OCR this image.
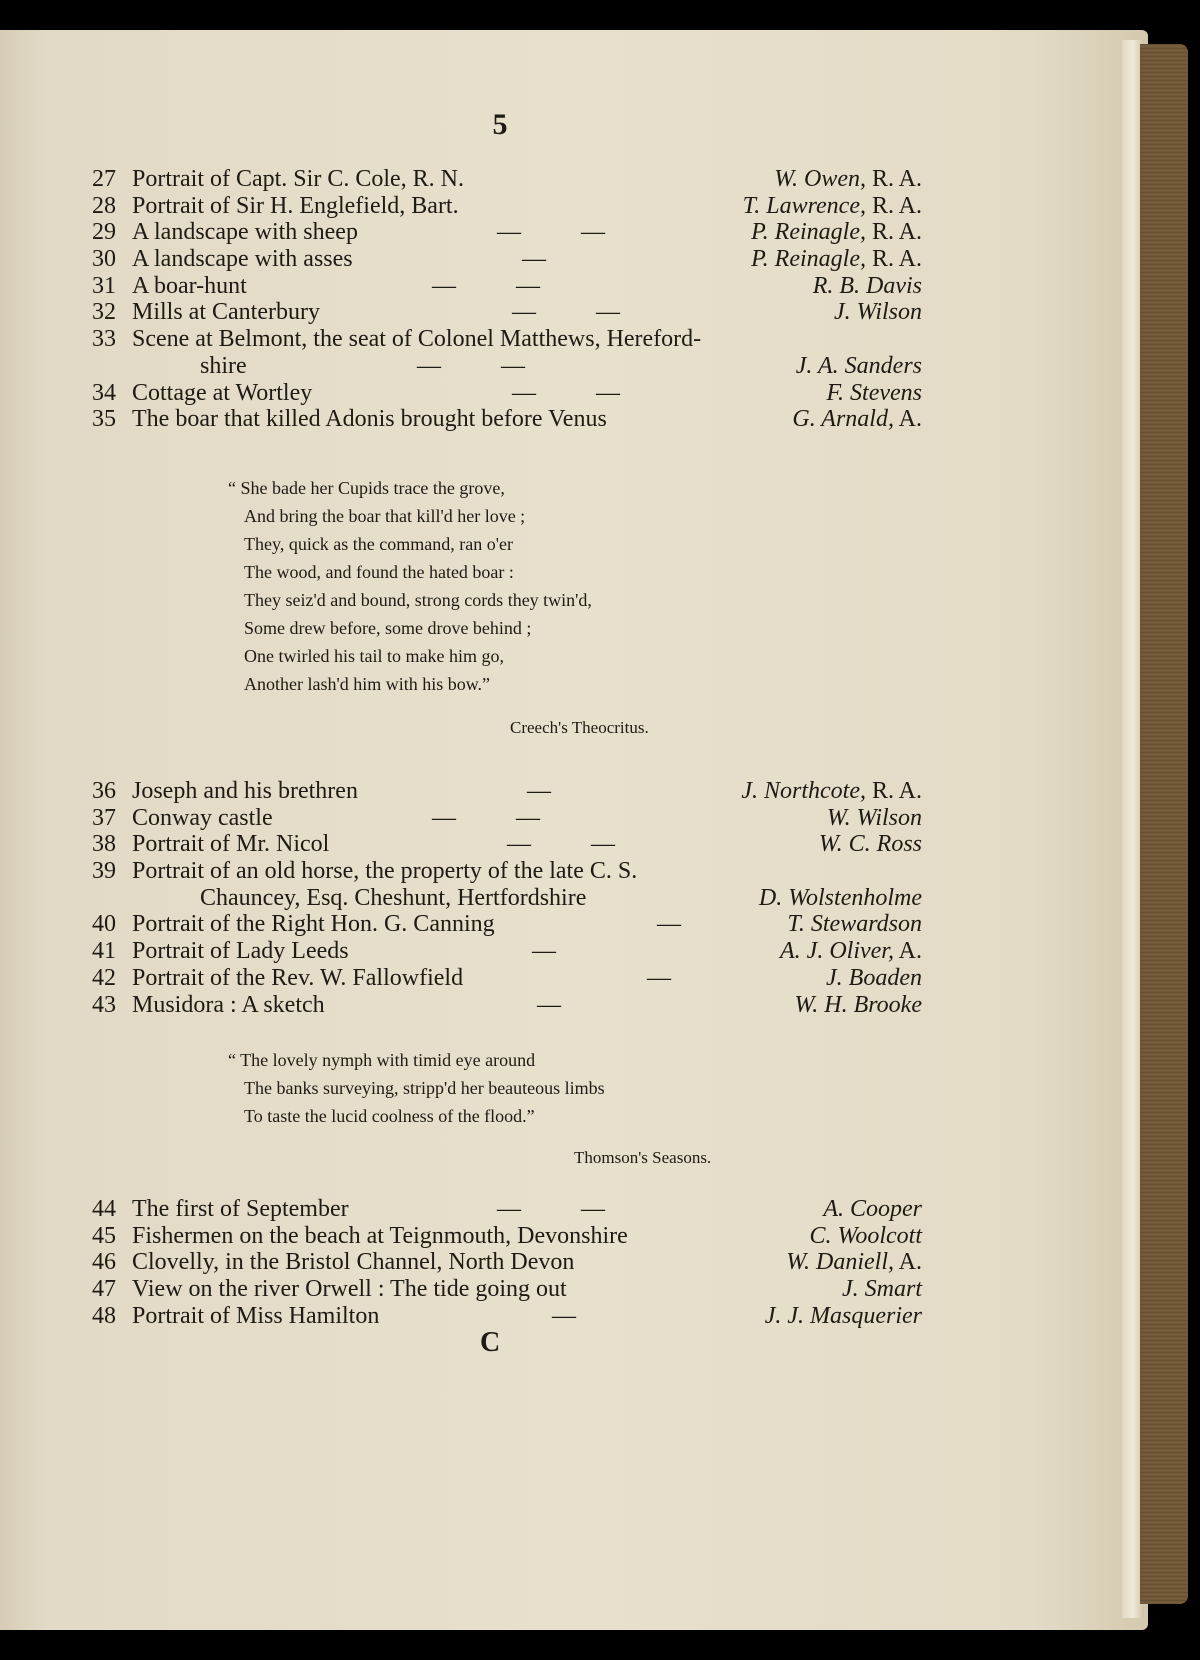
5
27 Portrait of Capt. Sir C. Cole, R. N.	W. Owen, R. A.
28 Portrait of Sir H. Englefield, Bart.	T. Lawrence, R. A.
29 A landscape with sheep	—          —	P. Reinagle, R. A.
30 A landscape with asses	—	P. Reinagle, R. A.
31 A boar-hunt	—          —	R. B. Davis
32 Mills at Canterbury	—          —	J. Wilson
33 Scene at Belmont, the seat of Colonel Matthews, Hereford-
shire	—          —	J. A. Sanders
34 Cottage at Wortley	—          —	F. Stevens
35 The boar that killed Adonis brought before Venus	G. Arnald, A.
“ She bade her Cupids trace the grove,
And bring the boar that kill'd her love ;
They, quick as the command, ran o'er
The wood, and found the hated boar :
They seiz'd and bound, strong cords they twin'd,
Some drew before, some drove behind ;
One twirled his tail to make him go,
Another lash'd him with his bow.”
Creech's Theocritus.
36 Joseph and his brethren	—	J. Northcote, R. A.
37 Conway castle	—          —	W. Wilson
38 Portrait of Mr. Nicol	—          —	W. C. Ross
39 Portrait of an old horse, the property of the late C. S.
Chauncey, Esq. Cheshunt, Hertfordshire	D. Wolstenholme
40 Portrait of the Right Hon. G. Canning	—	T. Stewardson
41 Portrait of Lady Leeds	—	A. J. Oliver, A.
42 Portrait of the Rev. W. Fallowfield	—	J. Boaden
43 Musidora : A sketch	—	W. H. Brooke
“ The lovely nymph with timid eye around
The banks surveying, stripp'd her beauteous limbs
To taste the lucid coolness of the flood.”
Thomson's Seasons.
44 The first of September	—          —	A. Cooper
45 Fishermen on the beach at Teignmouth, Devonshire	C. Woolcott
46 Clovelly, in the Bristol Channel, North Devon	W. Daniell, A.
47 View on the river Orwell : The tide going out	J. Smart
48 Portrait of Miss Hamilton	—	J. J. Masquerier
C
